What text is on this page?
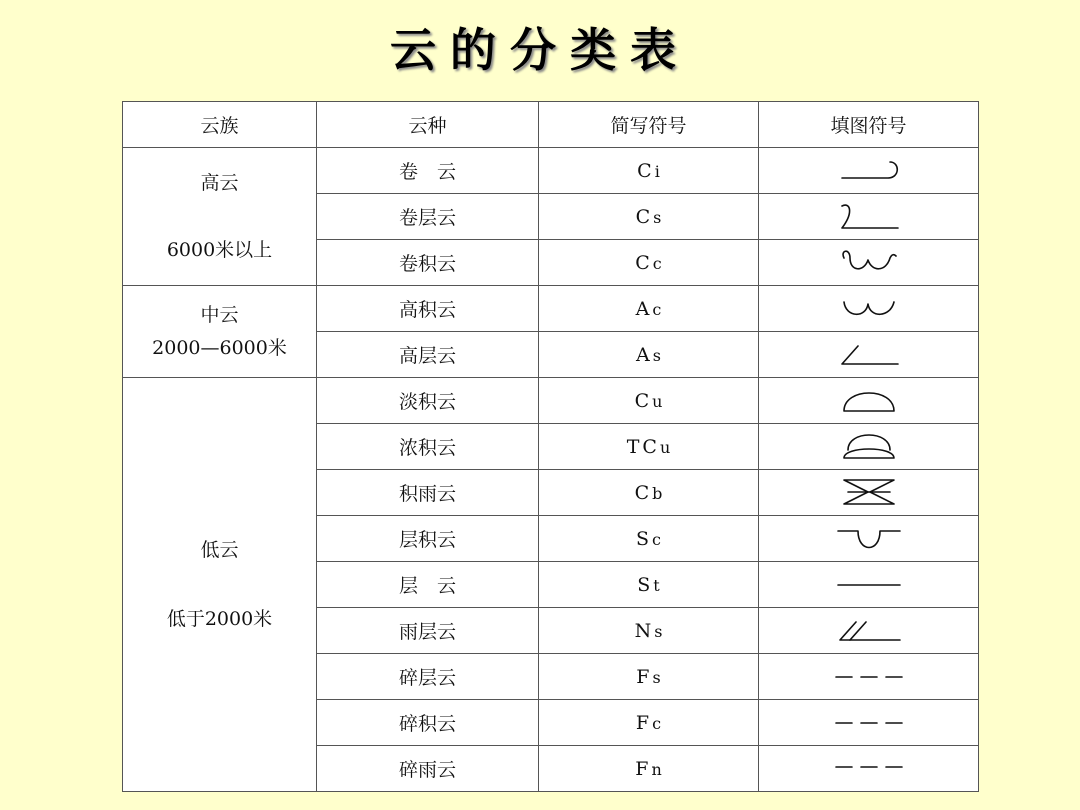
云的分类表
云族	云种	简写符号	填图符号

高云
6000米以上	卷　云	Ci	

	卷层云	Cs	

	卷积云	Cc	

中云
2000—6000米	高积云	Ac	

	高层云	As	

低云
低于2000米	淡积云	Cu	

	浓积云	TCu	

	积雨云	Cb	

	层积云	Sc	

	层　云	St	

	雨层云	Ns	

	碎层云	Fs	

	碎积云	Fc	

	碎雨云	Fn	
